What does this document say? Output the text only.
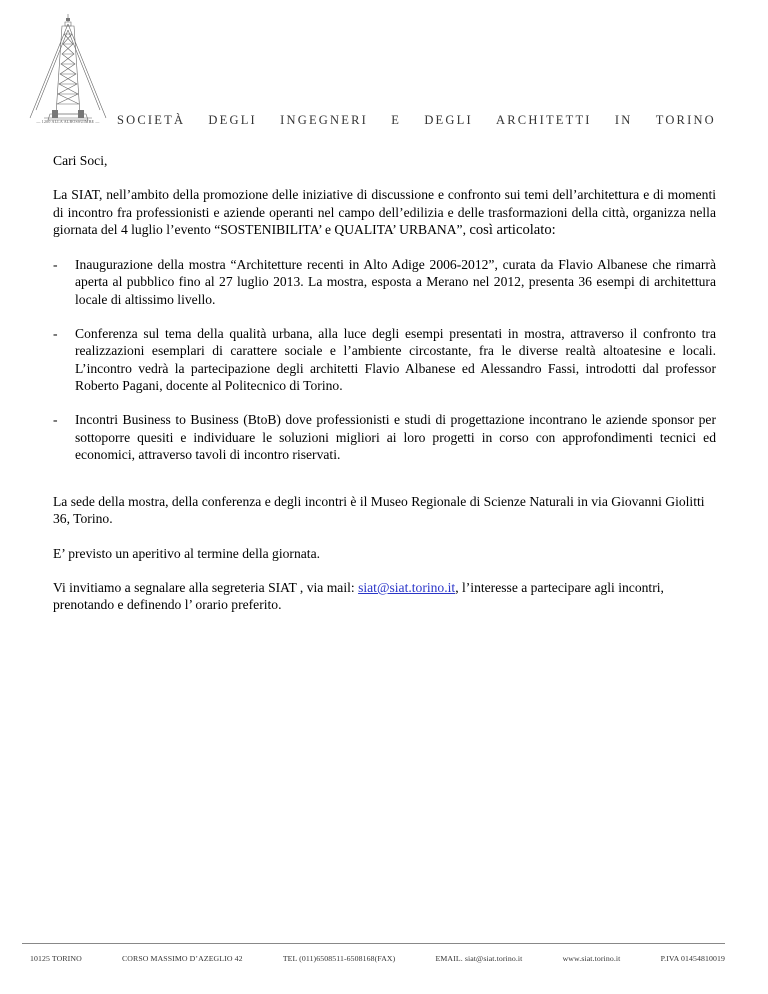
— 1200 ALLA ALBOSSUIMBE —	SOCIETÀ DEGLI INGEGNERI E DEGLI ARCHITETTI IN TORINO

Cari Soci,

La SIAT, nell’ambito della promozione delle iniziative di discussione e confronto sui temi dell’architettura e di momenti di incontro fra professionisti e aziende operanti nel campo dell’edilizia e delle trasformazioni della città, organizza nella giornata del 4 luglio l’evento “SOSTENIBILITA’ e QUALITA’ URBANA”, così articolato:

- Inaugurazione della mostra “Architetture recenti in Alto Adige 2006-2012”, curata da Flavio Albanese che rimarrà aperta al pubblico fino al 27 luglio 2013. La mostra, esposta a Merano nel 2012, presenta 36 esempi di architettura locale di altissimo livello.
- Conferenza sul tema della qualità urbana, alla luce degli esempi presentati in mostra, attraverso il confronto tra realizzazioni esemplari di carattere sociale e l’ambiente circostante, fra le diverse realtà altoatesine e locali. L’incontro vedrà la partecipazione degli architetti Flavio Albanese ed Alessandro Fassi, introdotti dal professor Roberto Pagani, docente al Politecnico di Torino.
- Incontri Business to Business (BtoB) dove professionisti e studi di progettazione incontrano le aziende sponsor per sottoporre quesiti e individuare le soluzioni migliori ai loro progetti in corso con approfondimenti tecnici ed economici, attraverso tavoli di incontro riservati.

La sede della mostra, della conferenza e degli incontri è il Museo Regionale di Scienze Naturali in via Giovanni Giolitti 36, Torino.

E’ previsto un aperitivo al termine della giornata.

Vi invitiamo a segnalare alla segreteria SIAT , via mail: siat@siat.torino.it, l’interesse a partecipare agli incontri, prenotando e definendo l’ orario preferito.

10125 TORINO	CORSO MASSIMO D’AZEGLIO 42	TEL (011)6508511-6508168(FAX)	EMAIL. siat@siat.torino.it	www.siat.torino.it	P.IVA 01454810019
